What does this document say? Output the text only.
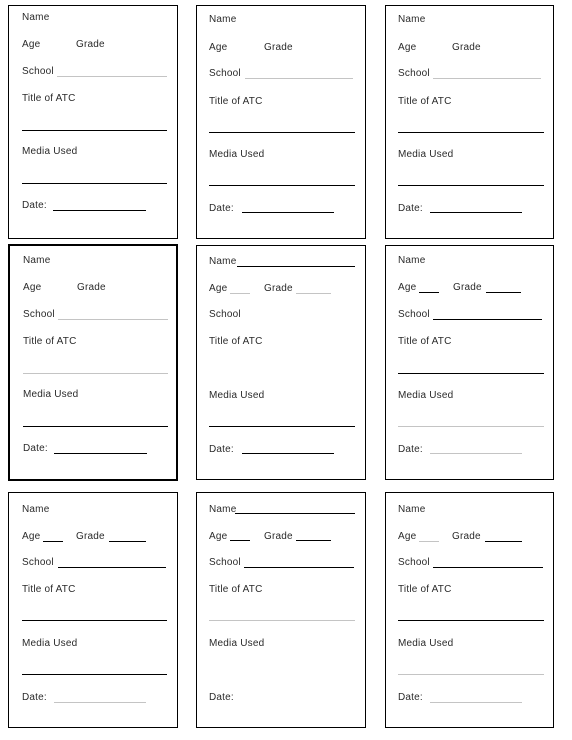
Name
Age	Grade
School
Title of ATC
Media Used
Date:
Name
Age	Grade
School
Title of ATC
Media Used
Date:
Name
Age	Grade
School
Title of ATC
Media Used
Date:
Name
Age	Grade
School
Title of ATC
Media Used
Date:
Name
Age	Grade
School
Title of ATC
Media Used
Date:
Name
Age	Grade
School
Title of ATC
Media Used
Date:
Name
Age	Grade
School
Title of ATC
Media Used
Date:
Name
Age	Grade
School
Title of ATC
Media Used
Date:
Name
Age	Grade
School
Title of ATC
Media Used
Date:
